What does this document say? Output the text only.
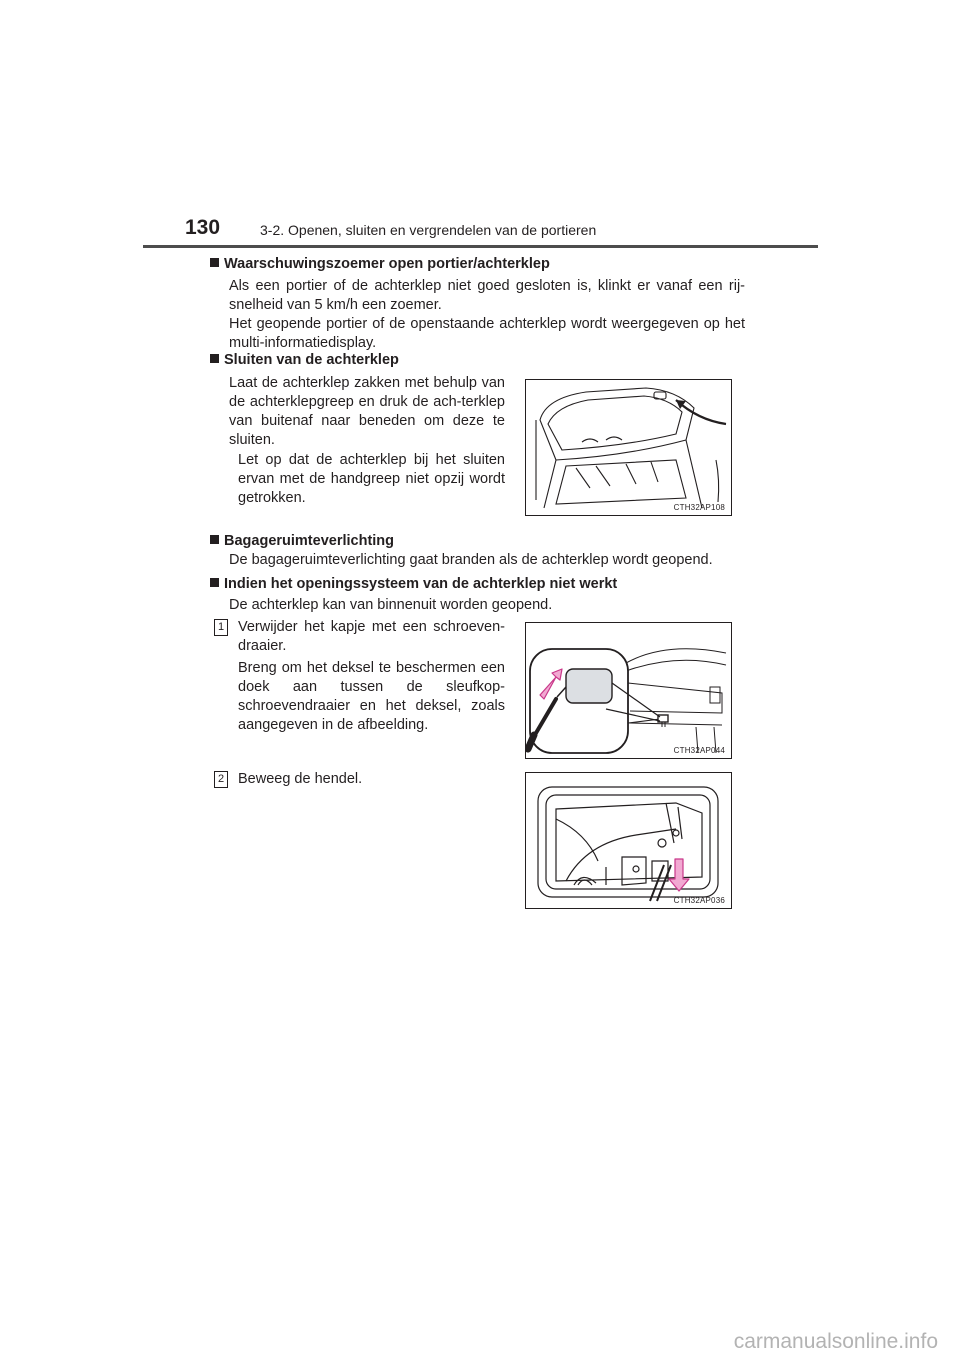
130	3-2. Openen, sluiten en vergrendelen van de portieren
Waarschuwingszoemer open portier/achterklep
Als een portier of de achterklep niet goed gesloten is, klinkt er vanaf een rij-snelheid van 5 km/h een zoemer.
Het geopende portier of de openstaande achterklep wordt weergegeven op het multi-informatiedisplay.
Sluiten van de achterklep
Laat de achterklep zakken met behulp van de achterklepgreep en druk de ach-terklep van buitenaf naar beneden om deze te sluiten.
Let op dat de achterklep bij het sluiten ervan met de handgreep niet opzij wordt getrokken.
CTH32AP108
Bagageruimteverlichting
De bagageruimteverlichting gaat branden als de achterklep wordt geopend.
Indien het openingssysteem van de achterklep niet werkt
De achterklep kan van binnenuit worden geopend.
1 Verwijder het kapje met een schroeven-draaier.
Breng om het deksel te beschermen een doek aan tussen de sleufkop-schroevendraaier en het deksel, zoals aangegeven in de afbeelding.
CTH32AP044
2 Beweeg de hendel.
CTH32AP036
carmanualsonline.info
